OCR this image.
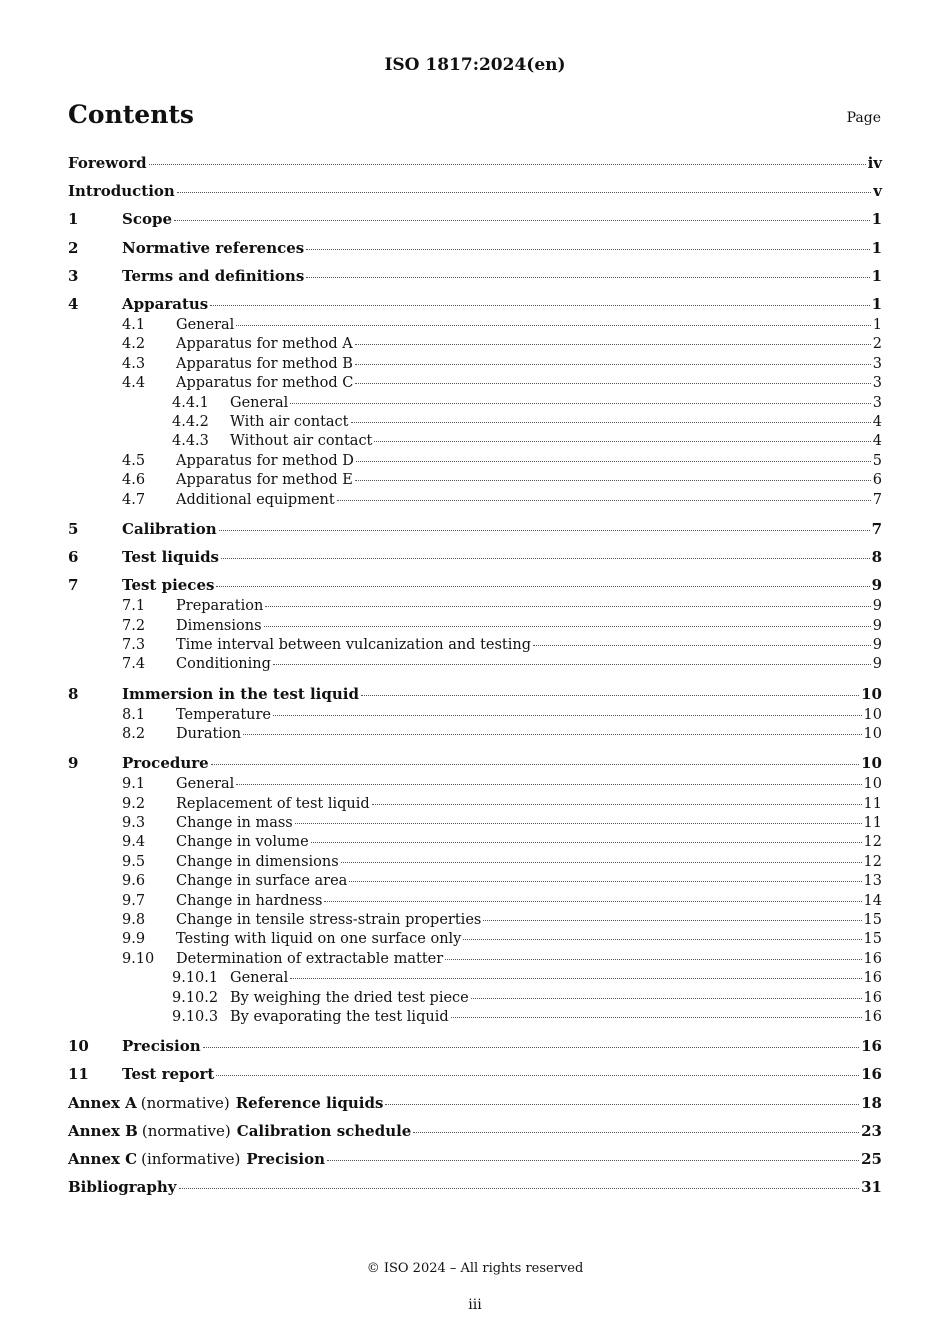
ISO 1817:2024(en)
Contents	Page
Foreword	iv
Introduction	v
1	Scope	1
2	Normative references	1
3	Terms and definitions	1
4	Apparatus	1
4.1	General	1
4.2	Apparatus for method A	2
4.3	Apparatus for method B	3
4.4	Apparatus for method C	3
4.4.1	General	3
4.4.2	With air contact	4
4.4.3	Without air contact	4
4.5	Apparatus for method D	5
4.6	Apparatus for method E	6
4.7	Additional equipment	7
5	Calibration	7
6	Test liquids	8
7	Test pieces	9
7.1	Preparation	9
7.2	Dimensions	9
7.3	Time interval between vulcanization and testing	9
7.4	Conditioning	9
8	Immersion in the test liquid	10
8.1	Temperature	10
8.2	Duration	10
9	Procedure	10
9.1	General	10
9.2	Replacement of test liquid	11
9.3	Change in mass	11
9.4	Change in volume	12
9.5	Change in dimensions	12
9.6	Change in surface area	13
9.7	Change in hardness	14
9.8	Change in tensile stress-strain properties	15
9.9	Testing with liquid on one surface only	15
9.10	Determination of extractable matter	16
9.10.1 General	16
9.10.2 By weighing the dried test piece	16
9.10.3 By evaporating the test liquid	16
10	Precision	16
11	Test report	16
Annex A (normative) Reference liquids	18
Annex B (normative) Calibration schedule	23
Annex C (informative) Precision	25
Bibliography	31
© ISO 2024 – All rights reserved
iii
